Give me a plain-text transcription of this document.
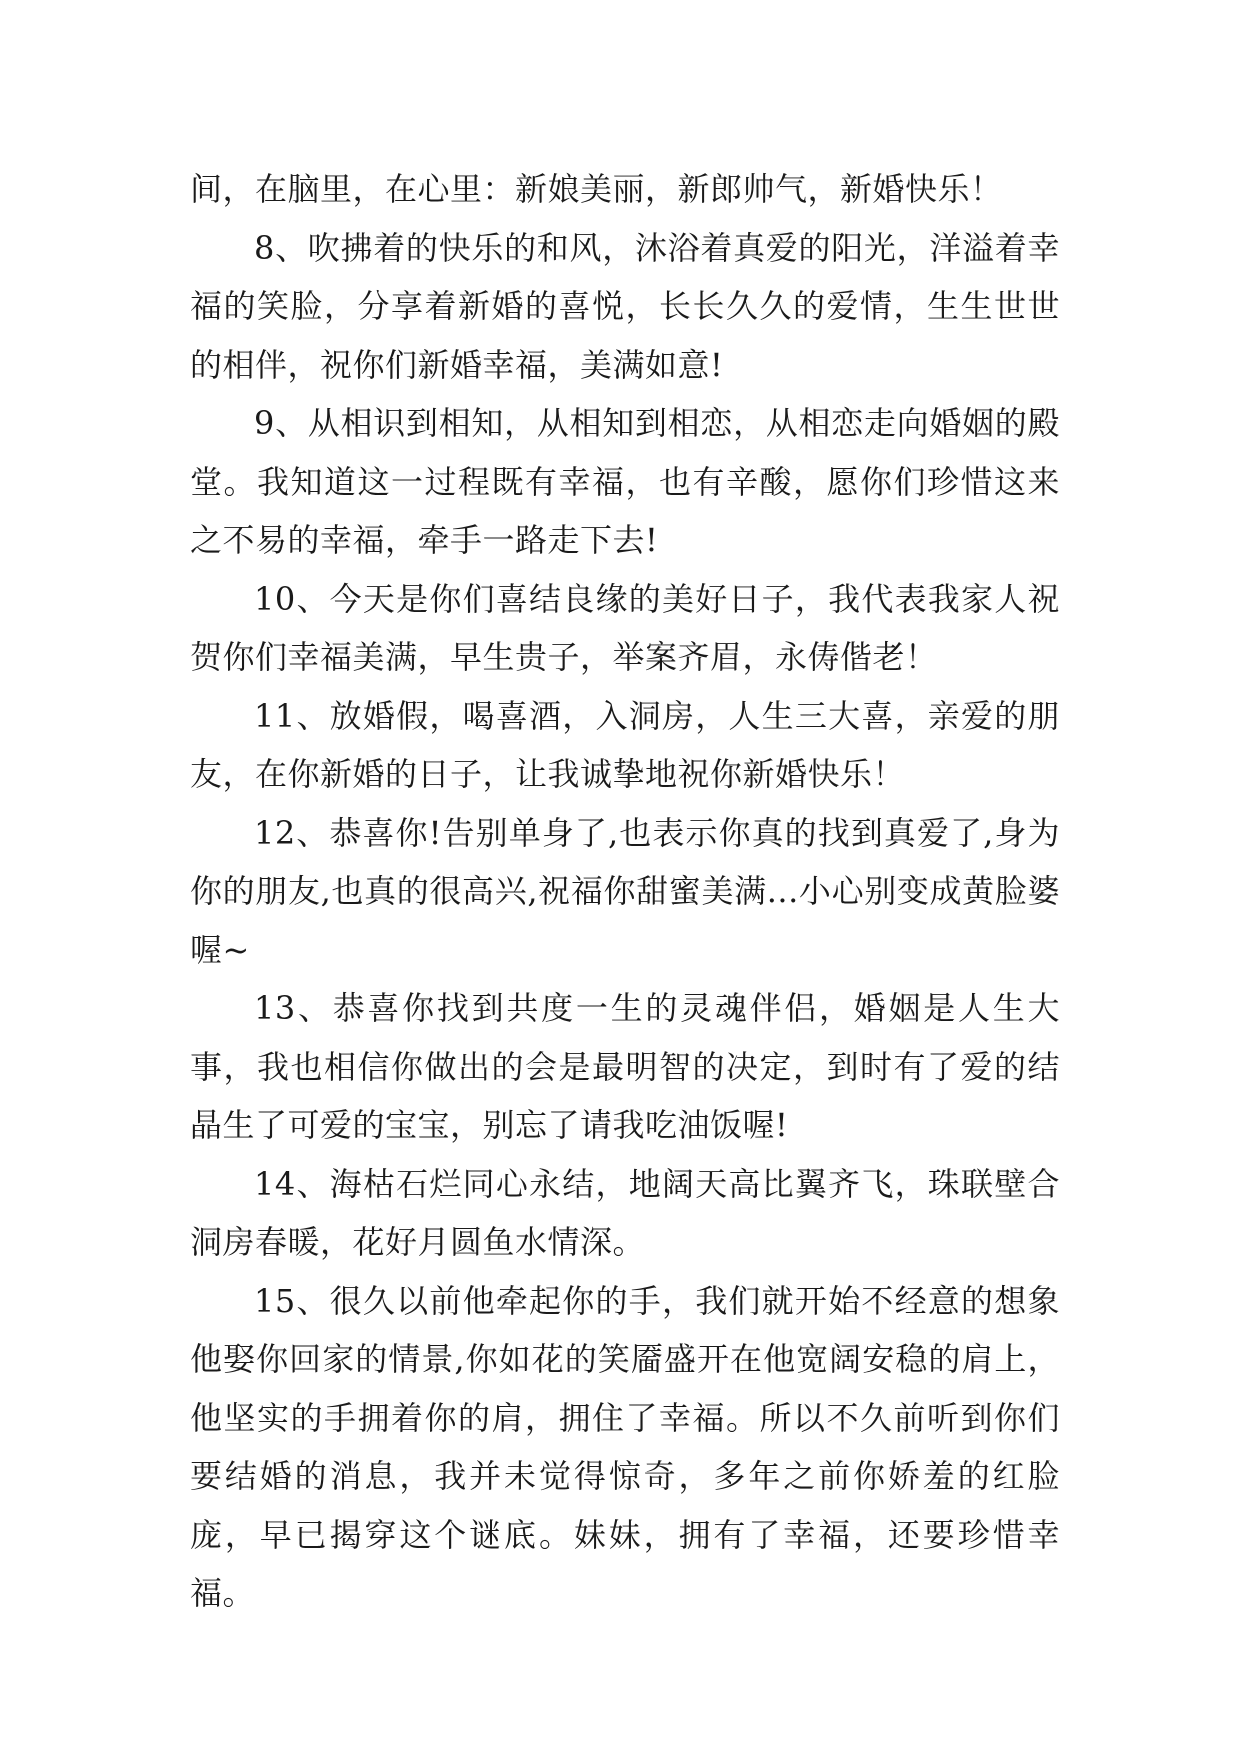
间，在脑里，在心里：新娘美丽，新郎帅气，新婚快乐！

8、吹拂着的快乐的和风，沐浴着真爱的阳光，洋溢着幸福的笑脸，分享着新婚的喜悦，长长久久的爱情，生生世世的相伴，祝你们新婚幸福，美满如意!

9、从相识到相知，从相知到相恋，从相恋走向婚姻的殿堂。我知道这一过程既有幸福，也有辛酸，愿你们珍惜这来之不易的幸福，牵手一路走下去!

10、今天是你们喜结良缘的美好日子，我代表我家人祝贺你们幸福美满，早生贵子，举案齐眉，永俦偕老！

11、放婚假，喝喜酒，入洞房，人生三大喜，亲爱的朋友，在你新婚的日子，让我诚挚地祝你新婚快乐！

12、恭喜你!告别单身了,也表示你真的找到真爱了,身为你的朋友,也真的很高兴,祝福你甜蜜美满...小心别变成黄脸婆喔~

13、恭喜你找到共度一生的灵魂伴侣，婚姻是人生大事，我也相信你做出的会是最明智的决定，到时有了爱的结晶生了可爱的宝宝，别忘了请我吃油饭喔!

14、海枯石烂同心永结，地阔天高比翼齐飞，珠联壁合洞房春暖，花好月圆鱼水情深。

15、很久以前他牵起你的手，我们就开始不经意的想象他娶你回家的情景,你如花的笑靥盛开在他宽阔安稳的肩上，他坚实的手拥着你的肩，拥住了幸福。所以不久前听到你们要结婚的消息，我并未觉得惊奇，多年之前你娇羞的红脸庞，早已揭穿这个谜底。妹妹，拥有了幸福，还要珍惜幸福。
